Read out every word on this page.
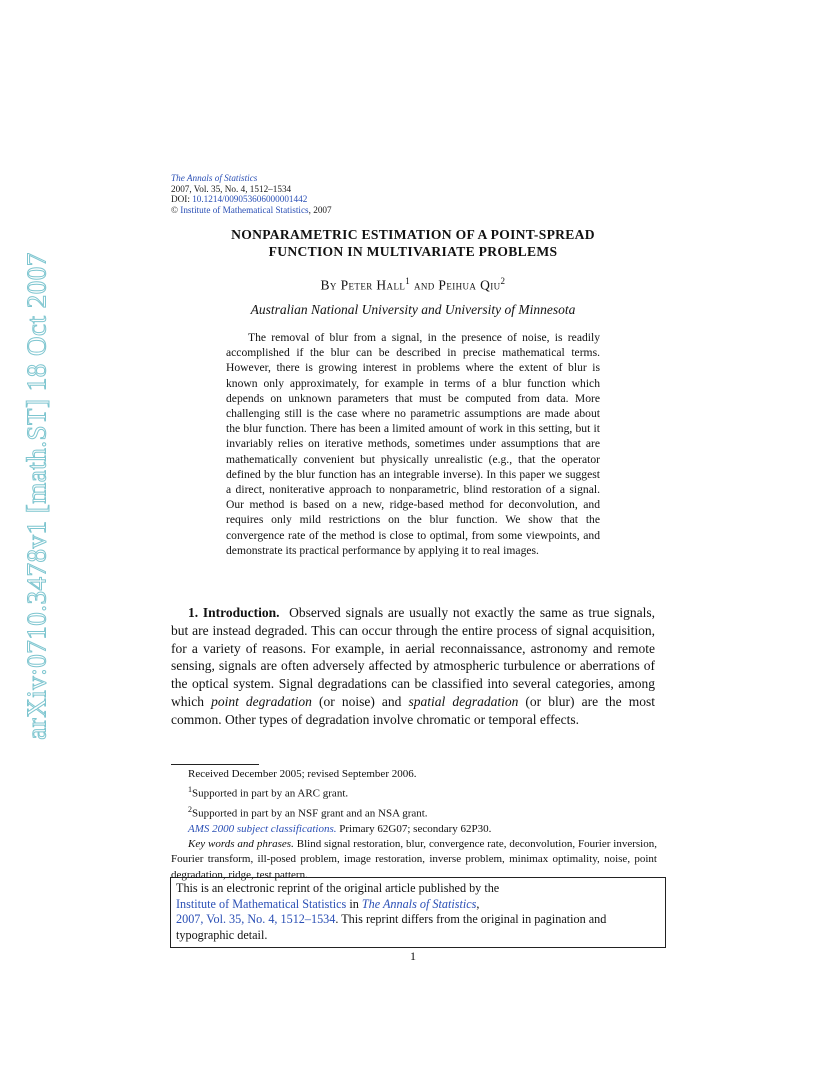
arXiv:0710.3478v1 [math.ST] 18 Oct 2007
The Annals of Statistics
2007, Vol. 35, No. 4, 1512–1534
DOI: 10.1214/009053606000001442
© Institute of Mathematical Statistics, 2007
NONPARAMETRIC ESTIMATION OF A POINT-SPREAD
FUNCTION IN MULTIVARIATE PROBLEMS
By Peter Hall$^1$ and Peihua Qiu$^2$
Australian National University and University of Minnesota
The removal of blur from a signal, in the presence of noise, is readily accomplished if the blur can be described in precise mathematical terms. However, there is growing interest in problems where the extent of blur is known only approximately, for example in terms of a blur function which depends on unknown parameters that must be computed from data. More challenging still is the case where no parametric assumptions are made about the blur function. There has been a limited amount of work in this setting, but it invariably relies on iterative methods, sometimes under assumptions that are mathematically convenient but physically unrealistic (e.g., that the operator defined by the blur function has an integrable inverse). In this paper we suggest a direct, noniterative approach to nonparametric, blind restoration of a signal. Our method is based on a new, ridge-based method for deconvolution, and requires only mild restrictions on the blur function. We show that the convergence rate of the method is close to optimal, from some viewpoints, and demonstrate its practical performance by applying it to real images.
1. Introduction. Observed signals are usually not exactly the same as true signals, but are instead degraded. This can occur through the entire process of signal acquisition, for a variety of reasons. For example, in aerial reconnaissance, astronomy and remote sensing, signals are often adversely affected by atmospheric turbulence or aberrations of the optical system. Signal degradations can be classified into several categories, among which point degradation (or noise) and spatial degradation (or blur) are the most common. Other types of degradation involve chromatic or temporal effects.
Received December 2005; revised September 2006.
$^1$Supported in part by an ARC grant.
$^2$Supported in part by an NSF grant and an NSA grant.
AMS 2000 subject classifications. Primary 62G07; secondary 62P30.
Key words and phrases. Blind signal restoration, blur, convergence rate, deconvolution, Fourier inversion, Fourier transform, ill-posed problem, image restoration, inverse problem, minimax optimality, noise, point degradation, ridge, test pattern.
This is an electronic reprint of the original article published by the
Institute of Mathematical Statistics in The Annals of Statistics,
2007, Vol. 35, No. 4, 1512–1534. This reprint differs from the original in pagination and typographic detail.
1
